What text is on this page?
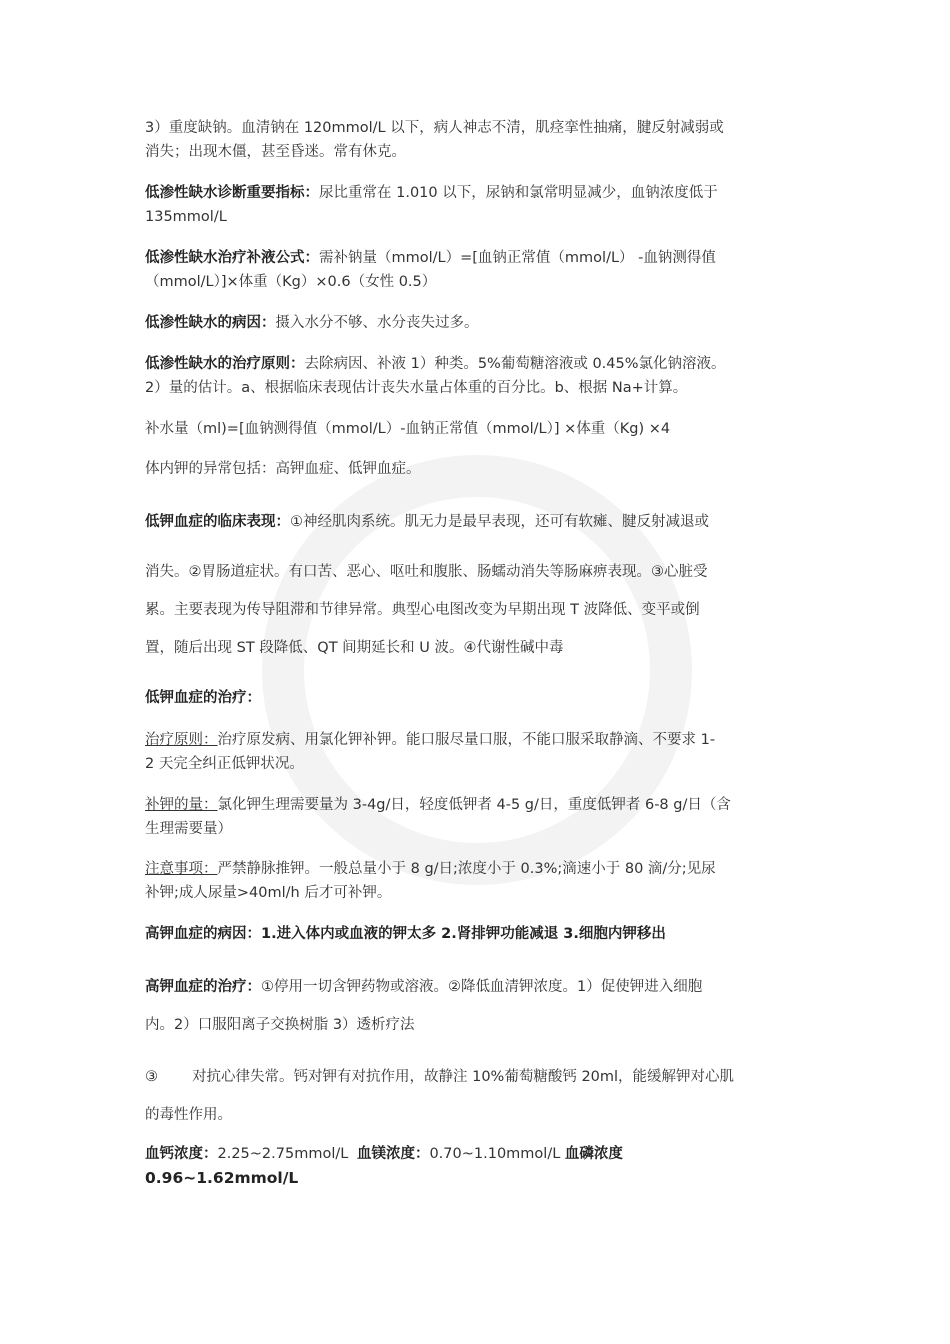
3）重度缺钠。血清钠在 120mmol/L 以下，病人神志不清，肌痉挛性抽痛，腱反射减弱或
消失；出现木僵，甚至昏迷。常有休克。

低渗性缺水诊断重要指标：尿比重常在 1.010 以下，尿钠和氯常明显减少，血钠浓度低于
135mmol/L

低渗性缺水治疗补液公式：需补钠量（mmol/L）=[血钠正常值（mmol/L） -血钠测得值
（mmol/L）]×体重（Kg）×0.6（女性 0.5）

低渗性缺水的病因：摄入水分不够、水分丧失过多。

低渗性缺水的治疗原则：去除病因、补液 1）种类。5%葡萄糖溶液或 0.45%氯化钠溶液。
2）量的估计。a、根据临床表现估计丧失水量占体重的百分比。b、根据 Na+计算。

补水量（ml)=[血钠测得值（mmol/L）-血钠正常值（mmol/L）] ×体重（Kg) ×4

体内钾的异常包括：高钾血症、低钾血症。

低钾血症的临床表现：①神经肌肉系统。肌无力是最早表现，还可有软瘫、腱反射减退或

消失。②胃肠道症状。有口苦、恶心、呕吐和腹胀、肠蠕动消失等肠麻痹表现。③心脏受
累。主要表现为传导阻滞和节律异常。典型心电图改变为早期出现 T 波降低、变平或倒
置，随后出现 ST 段降低、QT 间期延长和 U 波。④代谢性碱中毒

低钾血症的治疗：

治疗原则：治疗原发病、用氯化钾补钾。能口服尽量口服，不能口服采取静滴、不要求 1-
2 天完全纠正低钾状况。

补钾的量：氯化钾生理需要量为 3-4g/日，轻度低钾者 4-5 g/日，重度低钾者 6-8 g/日（含
生理需要量）

注意事项：严禁静脉推钾。一般总量小于 8 g/日;浓度小于 0.3%;滴速小于 80 滴/分;见尿
补钾;成人尿量>40ml/h 后才可补钾。

高钾血症的病因：1.进入体内或血液的钾太多 2.肾排钾功能减退 3.细胞内钾移出

高钾血症的治疗：①停用一切含钾药物或溶液。②降低血清钾浓度。1）促使钾进入细胞
内。2）口服阳离子交换树脂 3）透析疗法

③ 对抗心律失常。钙对钾有对抗作用，故静注 10%葡萄糖酸钙 20ml，能缓解钾对心肌
的毒性作用。

血钙浓度：2.25~2.75mmol/L 血镁浓度：0.70~1.10mmol/L 血磷浓度
0.96~1.62mmol/L
